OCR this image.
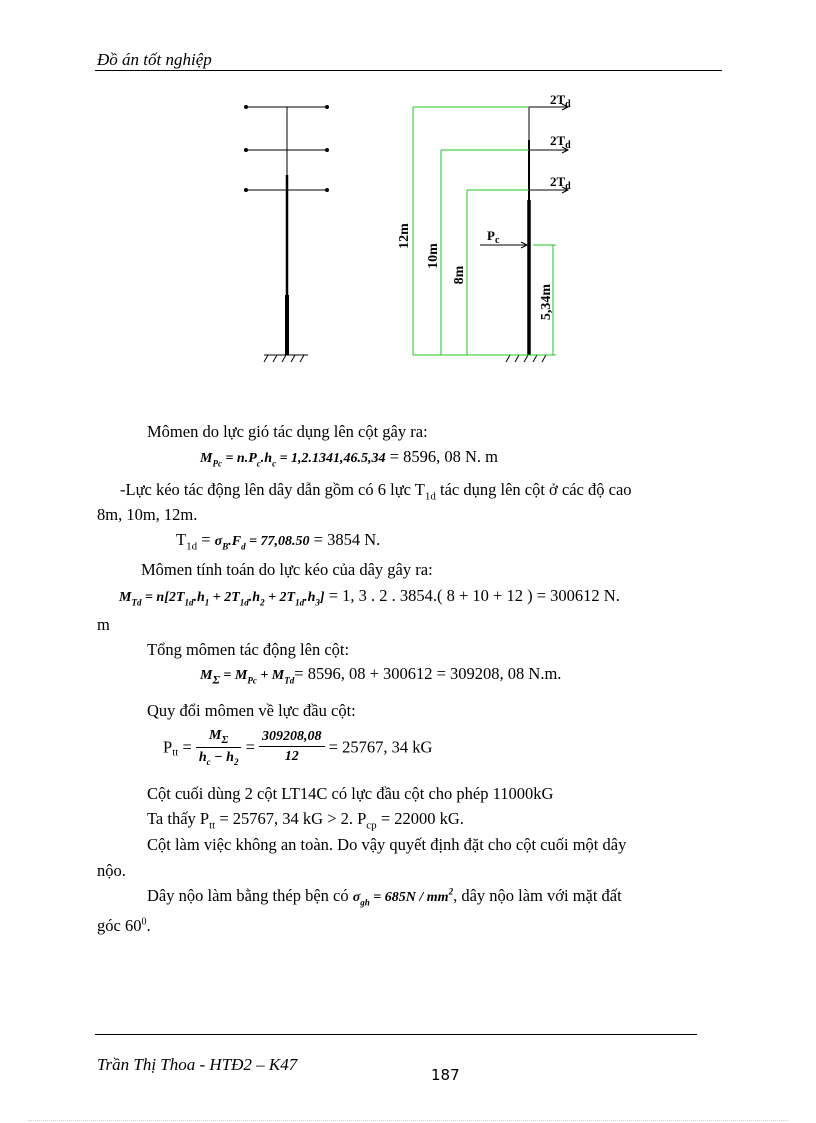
Đồ án tốt nghiệp
$2T_d$
$2T_d$
$2T_d$
$P_c$
12m
10m
8m
5,34m
Mômen do lực gió tác dụng lên cột gây ra:
$M_{Pc} = n.P_c.h_c = 1,2.1341,46.5,34 = 8596$, 08 N. m
-Lực kéo tác động lên dây dẫn gồm có 6 lực $T_{1d}$ tác dụng lên cột ở các độ cao
8m, 10m, 12m.
$T_{1d} = \sigma_B.F_d = 77,08.50 = 3854$ N.
Mômen tính toán do lực kéo của dây gây ra:
$M_{Td} = n[2T_{1d}.h_1 + 2T_{1d}.h_2 + 2T_{1d}.h_3] = 1$, 3 . 2 . 3854.( 8 + 10 + 12 ) = 300612 N.
m
Tổng mômen tác động lên cột:
$M_\Sigma = M_{Pc} + M_{Td}= 8596$, 08 + 300612 = 309208, 08 N.m.
Quy đổi mômen về lực đầu cột:
$P_{tt} = \frac{M_\Sigma}{h_c - h_2} = \frac{309208,08}{12} = 25767$, 34 kG
Cột cuối dùng 2 cột LT14C có lực đầu cột cho phép 11000kG
Ta thấy $P_{tt} = 25767$, 34 kG > 2. $P_{cp} = 22000$ kG.
Cột làm việc không an toàn. Do vậy quyết định đặt cho cột cuối một dây
nộo.
Dây nộo làm bằng thép bện có $\sigma_{gh} = 685N / mm^2$, dây nộo làm với mặt đất
góc $60^0$.
Trần Thị Thoa - HTĐ2 – K47
187
